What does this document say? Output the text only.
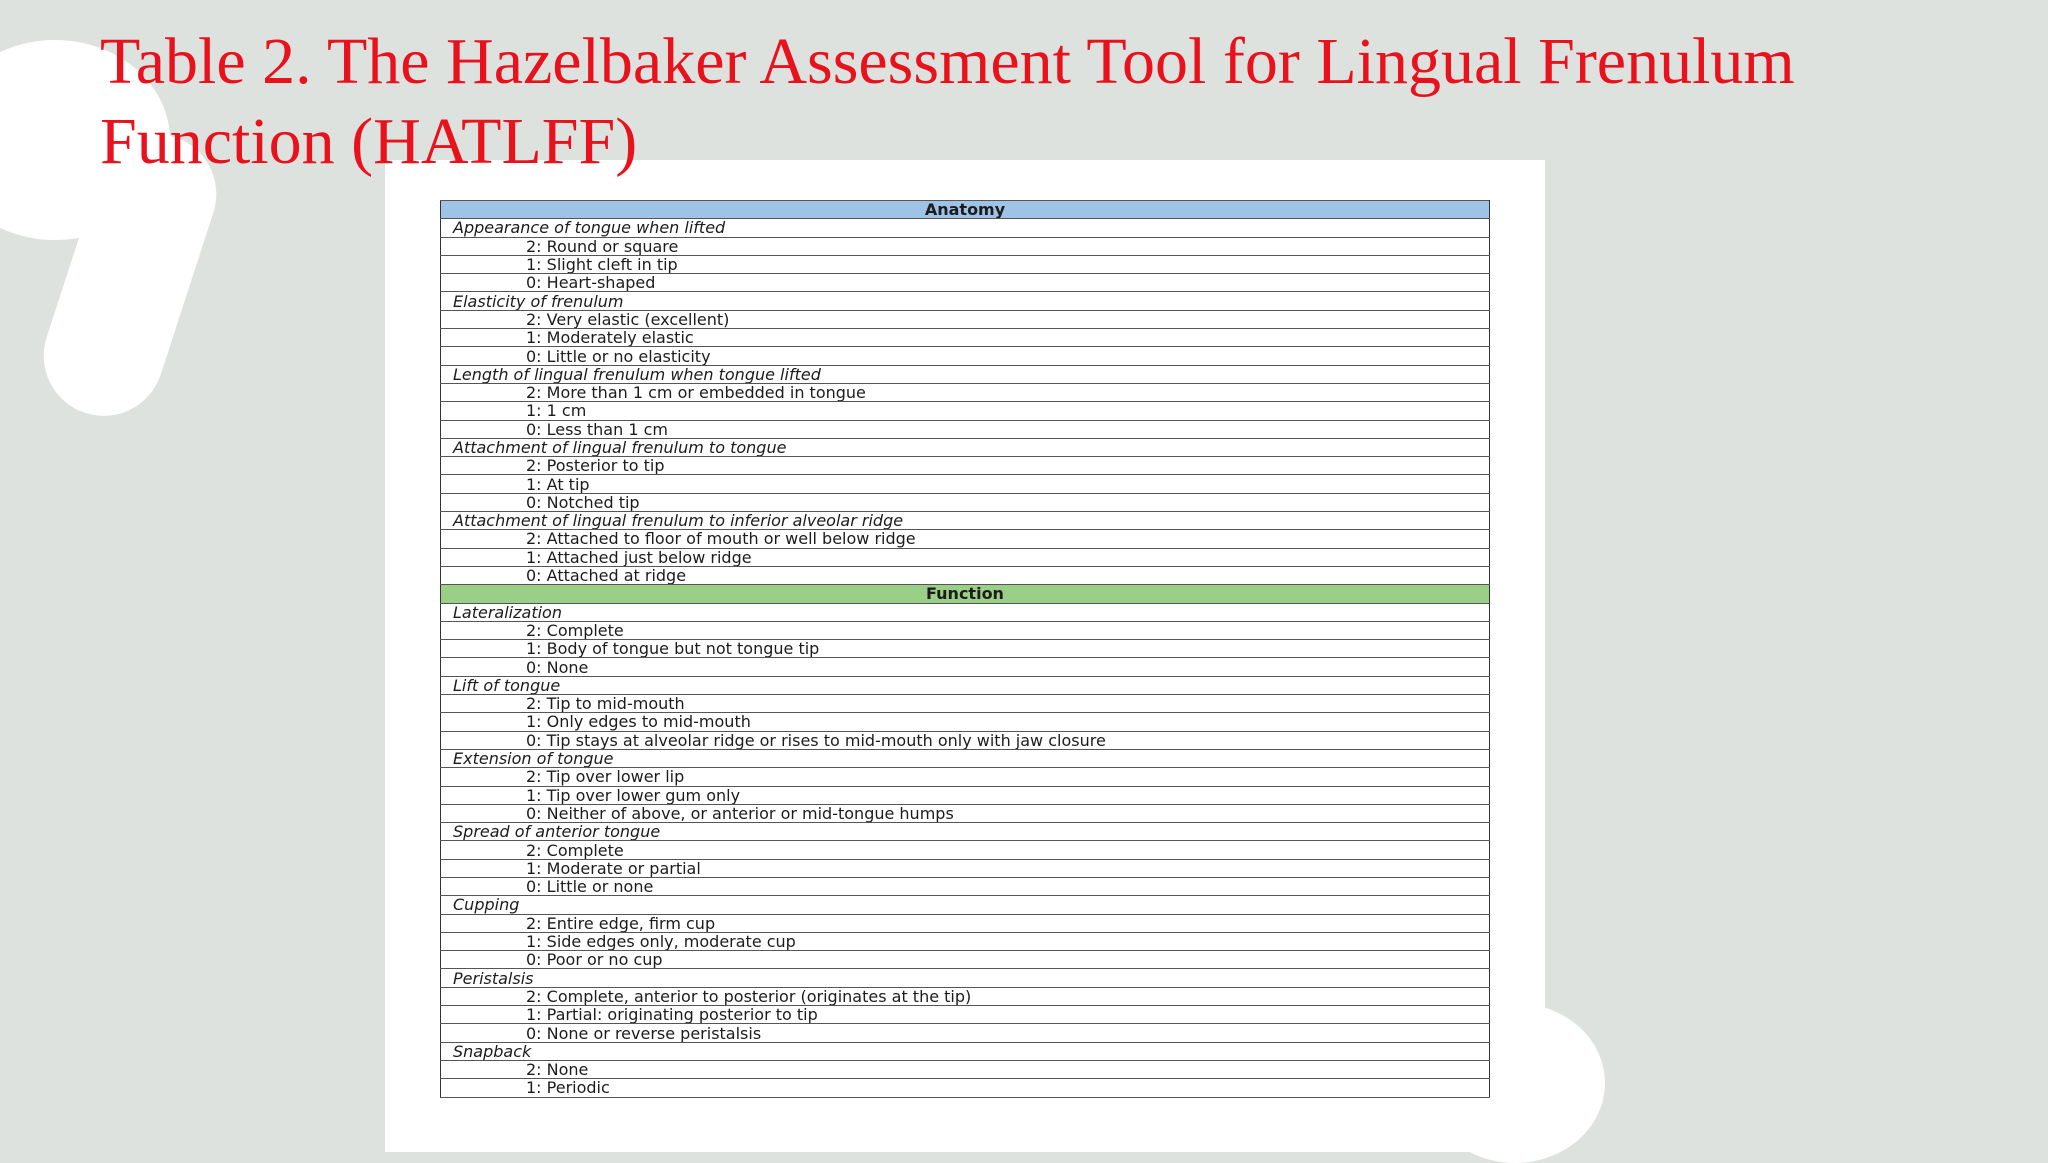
Table 2. The Hazelbaker Assessment Tool for Lingual Frenulum Function (HATLFF)
Anatomy
Appearance of tongue when lifted
2: Round or square
1: Slight cleft in tip
0: Heart-shaped
Elasticity of frenulum
2: Very elastic (excellent)
1: Moderately elastic
0: Little or no elasticity
Length of lingual frenulum when tongue lifted
2: More than 1 cm or embedded in tongue
1: 1 cm
0: Less than 1 cm
Attachment of lingual frenulum to tongue
2: Posterior to tip
1: At tip
0: Notched tip
Attachment of lingual frenulum to inferior alveolar ridge
2: Attached to floor of mouth or well below ridge
1: Attached just below ridge
0: Attached at ridge
Function
Lateralization
2: Complete
1: Body of tongue but not tongue tip
0: None
Lift of tongue
2: Tip to mid-mouth
1: Only edges to mid-mouth
0: Tip stays at alveolar ridge or rises to mid-mouth only with jaw closure
Extension of tongue
2: Tip over lower lip
1: Tip over lower gum only
0: Neither of above, or anterior or mid-tongue humps
Spread of anterior tongue
2: Complete
1: Moderate or partial
0: Little or none
Cupping
2: Entire edge, firm cup
1: Side edges only, moderate cup
0: Poor or no cup
Peristalsis
2: Complete, anterior to posterior (originates at the tip)
1: Partial: originating posterior to tip
0: None or reverse peristalsis
Snapback
2: None
1: Periodic
